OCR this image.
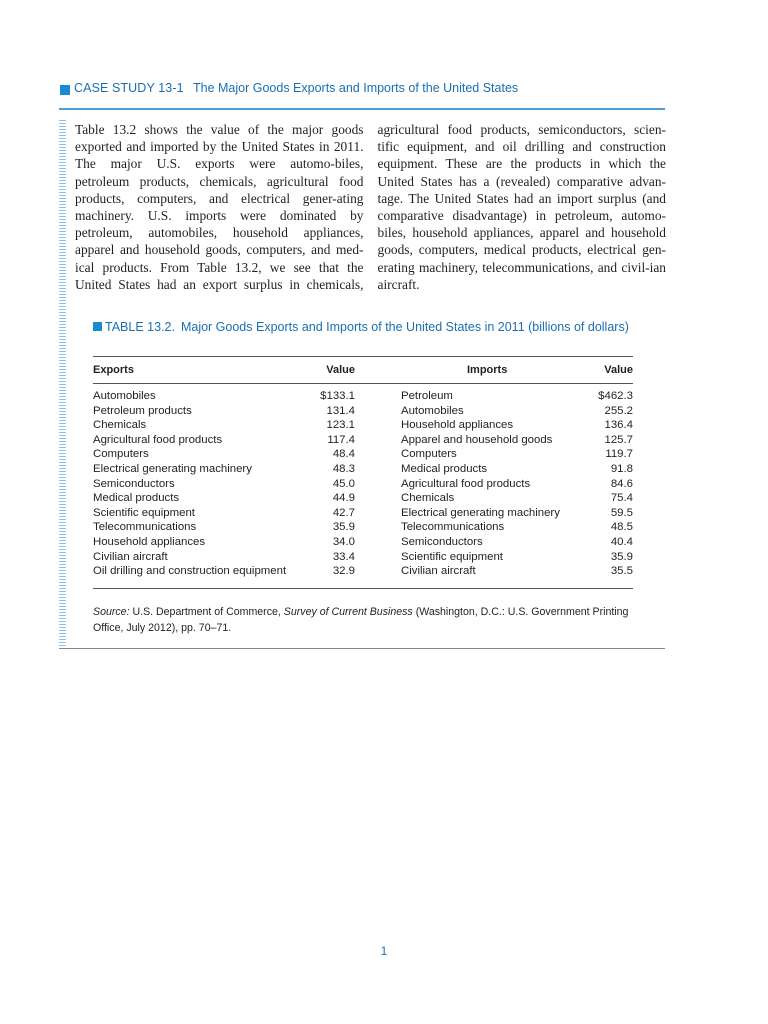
CASE STUDY 13-1 The Major Goods Exports and Imports of the United States

Table 13.2 shows the value of the major goods exported and imported by the United States in 2011. The major U.S. exports were automo-biles, petroleum products, chemicals, agricultural food products, computers, and electrical gener-ating machinery. U.S. imports were dominated by petroleum, automobiles, household appliances, apparel and household goods, computers, and med-ical products. From Table 13.2, we see that the United States had an export surplus in chemicals, agricultural food products, semiconductors, scien-tific equipment, and oil drilling and construction equipment. These are the products in which the United States has a (revealed) comparative advan-tage. The United States had an import surplus (and comparative disadvantage) in petroleum, automo-biles, household appliances, apparel and household goods, computers, medical products, electrical gen-erating machinery, telecommunications, and civil-ian aircraft.

TABLE 13.2. Major Goods Exports and Imports of the United States in 2011 (billions of dollars)
Exports	Value	Imports	Value
Automobiles	$133.1	Petroleum	$462.3
Petroleum products	131.4	Automobiles	255.2
Chemicals	123.1	Household appliances	136.4
Agricultural food products	117.4	Apparel and household goods	125.7
Computers	48.4	Computers	119.7
Electrical generating machinery	48.3	Medical products	91.8
Semiconductors	45.0	Agricultural food products	84.6
Medical products	44.9	Chemicals	75.4
Scientific equipment	42.7	Electrical generating machinery	59.5
Telecommunications	35.9	Telecommunications	48.5
Household appliances	34.0	Semiconductors	40.4
Civilian aircraft	33.4	Scientific equipment	35.9
Oil drilling and construction equipment	32.9	Civilian aircraft	35.5
Source: U.S. Department of Commerce, Survey of Current Business (Washington, D.C.: U.S. Government Printing Office, July 2012), pp. 70–71.
1
